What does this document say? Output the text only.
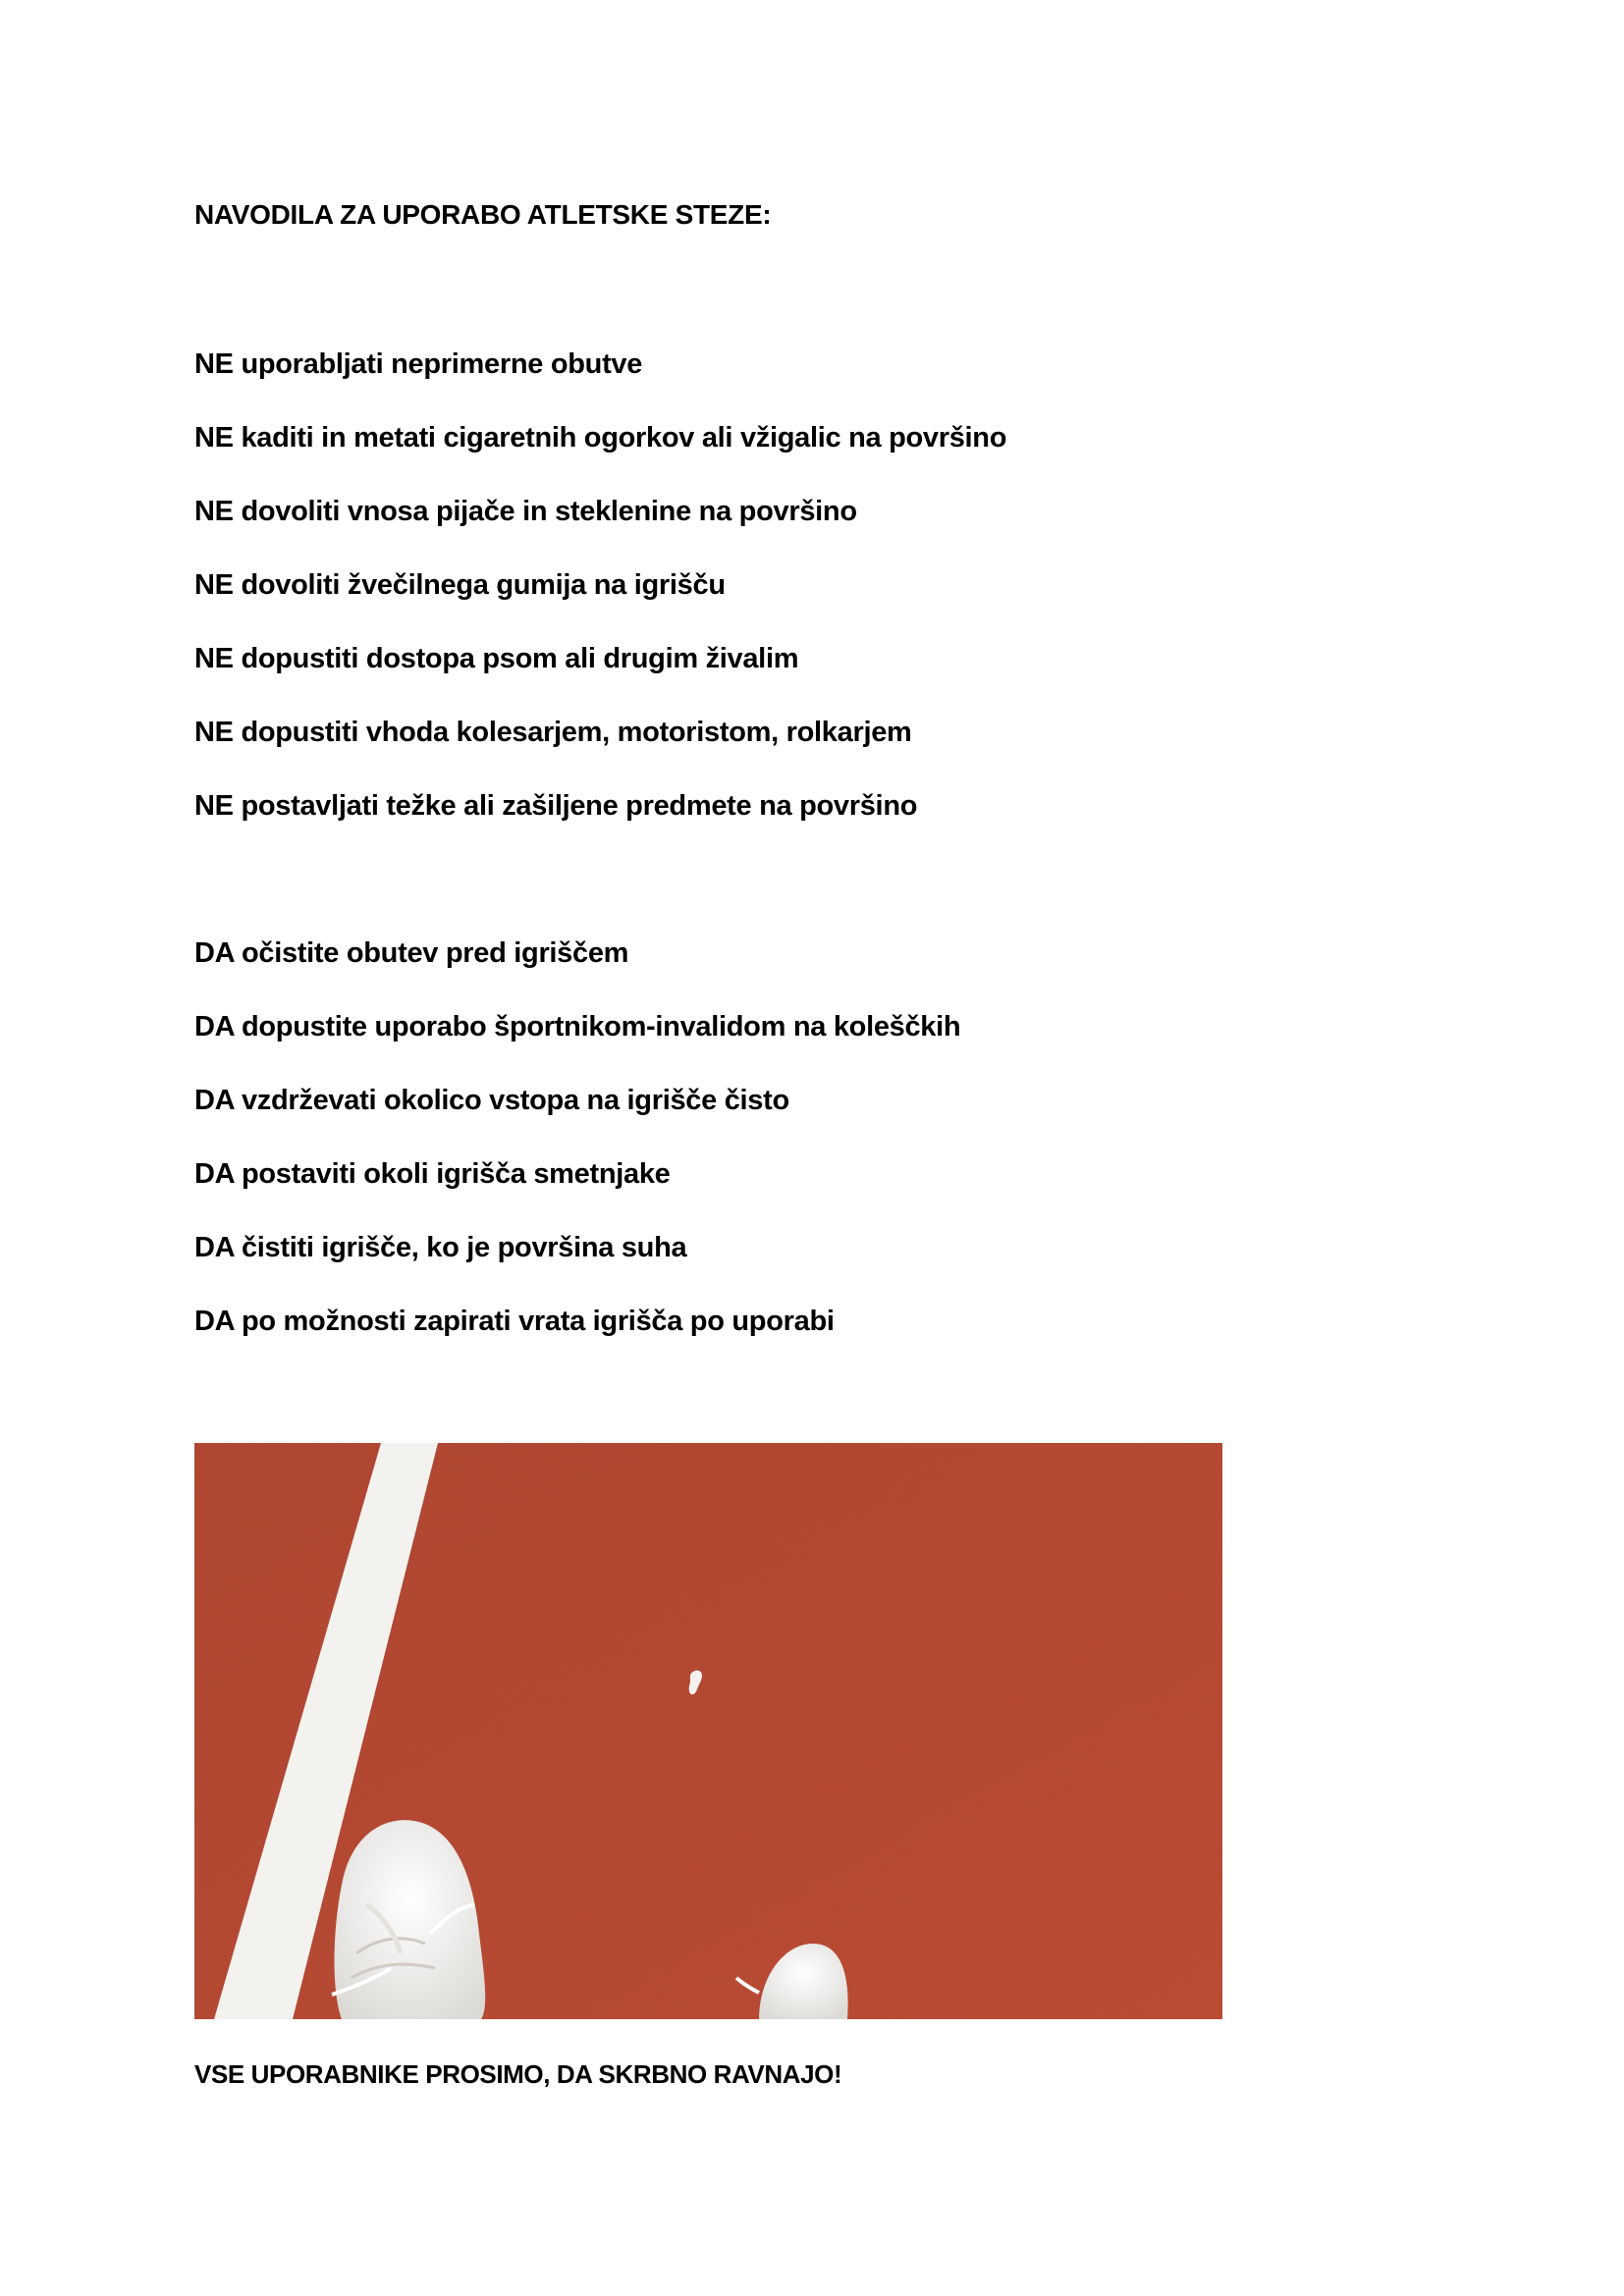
NAVODILA ZA UPORABO ATLETSKE STEZE:
NE uporabljati neprimerne obutve
NE kaditi in metati cigaretnih ogorkov ali vžigalic na površino
NE dovoliti vnosa pijače in steklenine na površino
NE dovoliti žvečilnega gumija na igrišču
NE dopustiti dostopa psom ali drugim živalim
NE dopustiti vhoda kolesarjem, motoristom, rolkarjem
NE postavljati težke ali zašiljene predmete na površino
DA očistite obutev pred igriščem
DA dopustite uporabo športnikom-invalidom na koleščkih
DA vzdrževati okolico vstopa na igrišče čisto
DA postaviti okoli igrišča smetnjake
DA čistiti igrišče, ko je površina suha
DA po možnosti zapirati vrata igrišča po uporabi
VSE UPORABNIKE PROSIMO, DA SKRBNO RAVNAJO!
